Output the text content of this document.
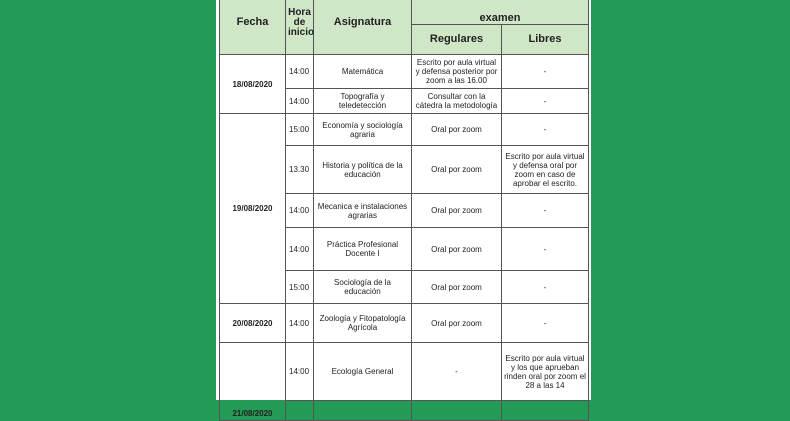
Fecha	Hora de inicio	Asignatura	examen	
			Regulares	Libres
18/08/2020	14:00	Matemática	Escrito por aula virtual y defensa posterior por zoom a las 16.00	-
	14:00	Topografía y teledetección	Consultar con la cátedra la metodología	-
19/08/2020	15:00	Economía y sociología agraria	Oral por zoom	-
	13.30	Historia y política de la educación	Oral por zoom	Escrito por aula virtual y defensa oral por zoom en caso de aprobar el escrito.
	14:00	Mecanica e instalaciones agrarias	Oral por zoom	-
	14:00	Práctica Profesional Docente I	Oral por zoom	-
	15:00	Sociología de la educación	Oral por zoom	-
20/08/2020	14:00	Zoología y Fitopatología Agrícola	Oral por zoom	-
21/08/2020	14:00	Ecología General	-	Escrito por aula virtual y los que aprueban rinden oral por zoom el 28 a las 14
